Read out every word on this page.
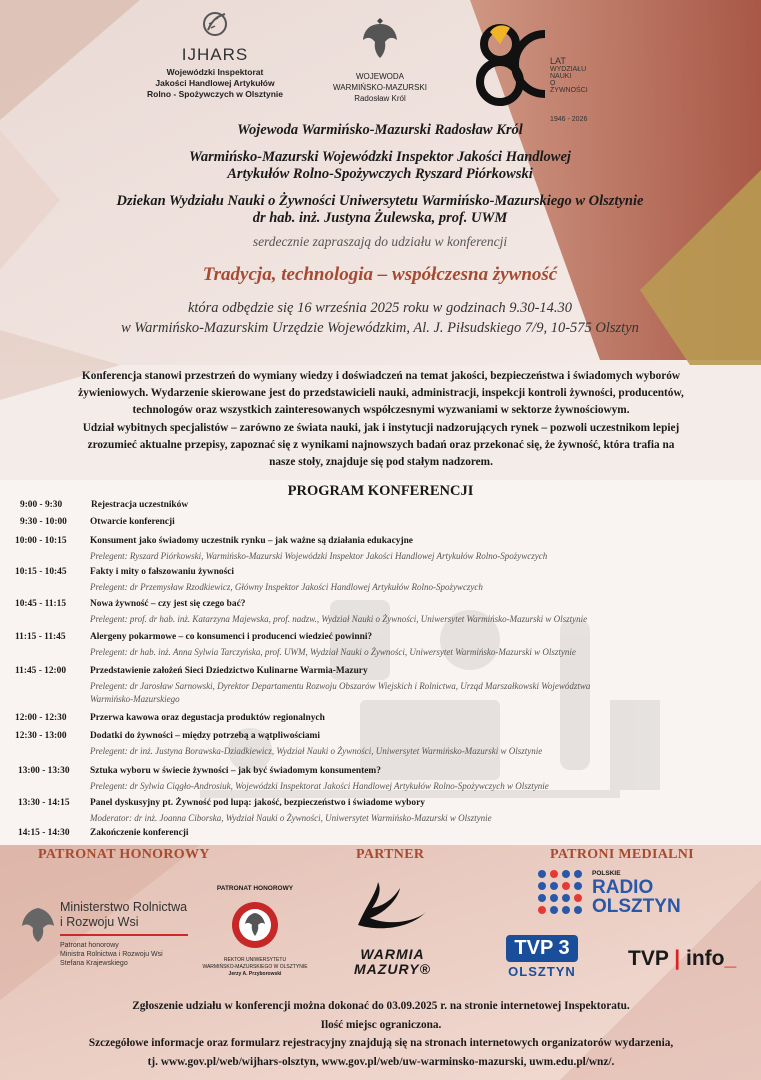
IJHARS
Wojewódzki Inspektorat
Jakości Handlowej Artykułów
Rolno - Spożywczych w Olsztynie
WOJEWODA
WARMIŃSKO-MAZURSKI
Radosław Król
LAT
WYDZIAŁU
NAUKI
O ŻYWNOŚCI
1946 - 2026
Wojewoda Warmińsko-Mazurski Radosław Król
Warmińsko-Mazurski Wojewódzki Inspektor Jakości Handlowej
Artykułów Rolno-Spożywczych Ryszard Piórkowski
Dziekan Wydziału Nauki o Żywności Uniwersytetu Warmińsko-Mazurskiego w Olsztynie
dr hab. inż. Justyna Żulewska, prof. UWM
serdecznie zapraszają do udziału w konferencji
Tradycja, technologia – współczesna żywność
która odbędzie się 16 września 2025 roku w godzinach 9.30-14.30
w Warmińsko-Mazurskim Urzędzie Wojewódzkim, Al. J. Piłsudskiego 7/9, 10-575 Olsztyn
Konferencja stanowi przestrzeń do wymiany wiedzy i doświadczeń na temat jakości, bezpieczeństwa i świadomych wyborów
żywieniowych. Wydarzenie skierowane jest do przedstawicieli nauki, administracji, inspekcji kontroli żywności, producentów,
technologów oraz wszystkich zainteresowanych współczesnymi wyzwaniami w sektorze żywnościowym.
Udział wybitnych specjalistów – zarówno ze świata nauki, jak i instytucji nadzorujących rynek – pozwoli uczestnikom lepiej
zrozumieć aktualne przepisy, zapoznać się z wynikami najnowszych badań oraz przekonać się, że żywność, która trafia na
nasze stoły, znajduje się pod stałym nadzorem.
PROGRAM KONFERENCJI
9:00 - 9:30	Rejestracja uczestników
9:30 - 10:00 Otwarcie konferencji
10:00 - 10:15 Konsument jako świadomy uczestnik rynku – jak ważne są działania edukacyjne
Prelegent: Ryszard Piórkowski, Warmińsko-Mazurski Wojewódzki Inspektor Jakości Handlowej Artykułów Rolno-Spożywczych
10:15 - 10:45 Fakty i mity o fałszowaniu żywności
Prelegent: dr Przemysław Rzodkiewicz, Główny Inspektor Jakości Handlowej Artykułów Rolno-Spożywczych
10:45 - 11:15	Nowa żywność – czy jest się czego bać?
Prelegent: prof. dr hab. inż. Katarzyna Majewska, prof. nadzw., Wydział Nauki o Żywności, Uniwersytet Warmińsko-Mazurski w Olsztynie
11:15 - 11:45	Alergeny pokarmowe – co konsumenci i producenci wiedzieć powinni?
Prelegent: dr hab. inż. Anna Sylwia Tarczyńska, prof. UWM, Wydział Nauki o Żywności, Uniwersytet Warmińsko-Mazurski w Olsztynie
11:45 - 12:00	Przedstawienie założeń Sieci Dziedzictwo Kulinarne Warmia-Mazury
Prelegent: dr Jarosław Sarnowski, Dyrektor Departamentu Rozwoju Obszarów Wiejskich i Rolnictwa, Urząd Marszałkowski Województwa
Warmińsko-Mazurskiego
12:00 - 12:30 Przerwa kawowa oraz degustacja produktów regionalnych
12:30 - 13:00 Dodatki do żywności – między potrzebą a wątpliwościami
Prelegent: dr inż. Justyna Borawska-Dziadkiewicz, Wydział Nauki o Żywności, Uniwersytet Warmińsko-Mazurski w Olsztynie
13:00 - 13:30 Sztuka wyboru w świecie żywności – jak być świadomym konsumentem?
Prelegent: dr Sylwia Ciągło-Androsiuk, Wojewódzki Inspektorat Jakości Handlowej Artykułów Rolno-Spożywczych w Olsztynie
13:30 - 14:15 Panel dyskusyjny pt. Żywność pod lupą: jakość, bezpieczeństwo i świadome wybory
Moderator: dr inż. Joanna Ciborska, Wydział Nauki o Żywności, Uniwersytet Warmińsko-Mazurski w Olsztynie
14:15 - 14:30 Zakończenie konferencji
PATRONAT HONOROWY	PARTNER	PATRONI MEDIALNI
Ministerstwo Rolnictwa
i Rozwoju Wsi
Patronat honorowy
Ministra Rolnictwa i Rozwoju Wsi
Stefana Krajewskiego
PATRONAT HONOROWY
REKTOR UNIWERSYTETU
WARMIŃSKO-MAZURSKIEGO W OLSZTYNIE
Jerzy A. Przyborowski
WARMIA
MAZURY®
POLSKIE
RADIO
OLSZTYN
TVP 3
OLSZTYN
TVP | info_
Zgłoszenie udziału w konferencji można dokonać do 03.09.2025 r. na stronie internetowej Inspektoratu.
Ilość miejsc ograniczona.
Szczegółowe informacje oraz formularz rejestracyjny znajdują się na stronach internetowych organizatorów wydarzenia,
tj. www.gov.pl/web/wijhars-olsztyn, www.gov.pl/web/uw-warminsko-mazurski, uwm.edu.pl/wnz/.
